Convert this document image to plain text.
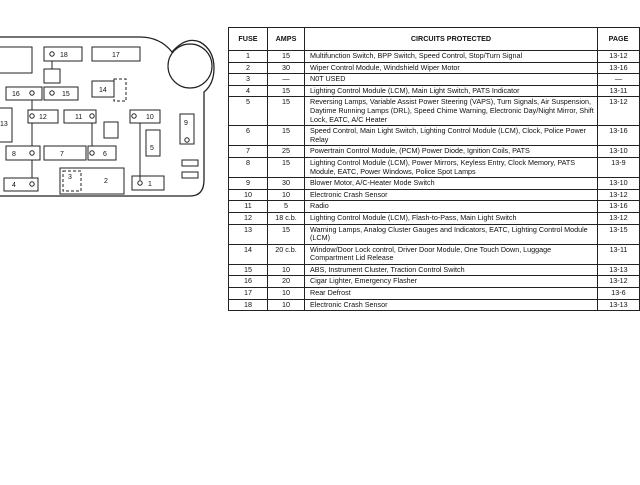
18	17
16	15
14
12	11	10
9
13
8	7	6
5
4
3
2	1
FUSE	AMPS	CIRCUITS PROTECTED	PAGE
1	15	Multifunction Switch, BPP Switch, Speed Control, Stop/Turn Signal	13-12
2	30	Wiper Control Module, Windshield Wiper Motor	13-16
3	—	N0T USED	—
4	15	Lighting Control Module (LCM), Main Light Switch, PATS Indicator	13-11
5	15	Reversing Lamps, Variable Assist Power Steering (VAPS), Turn Signals, Air Suspension, Daytime Running Lamps (DRL), Speed Chime Warning, Electronic Day/Night Mirror, Shift Lock, EATC, A/C Heater	13-12
6	15	Speed Control, Main Light Switch, Lighting Control Module (LCM), Clock, Police Power Relay	13-16
7	25	Powertrain Control Module, (PCM) Power Diode, Ignition Coils, PATS	13-10
8	15	Lighting Control Module (LCM), Power Mirrors, Keyless Entry, Clock Memory, PATS Module, EATC, Power Windows, Police Spot Lamps	13-9
9	30	Blower Motor, A/C-Heater Mode Switch	13-10
10	10	Electronic Crash Sensor	13-12
11	5	Radio	13-16
12	18 c.b.	Lighting Control Module (LCM), Flash-to-Pass, Main Light Switch	13-12
13	15	Warning Lamps, Analog Cluster Gauges and Indicators, EATC, Lighting Control Module (LCM)	13-15
14	20 c.b.	Window/Door Lock control, Driver Door Module, One Touch Down, Luggage Compartment Lid Release	13-11
15	10	ABS, Instrument Cluster, Traction Control Switch	13-13
16	20	Cigar Lighter, Emergency Flasher	13-12
17	10	Rear Defrost	13-6
18	10	Electronic Crash Sensor	13-13
